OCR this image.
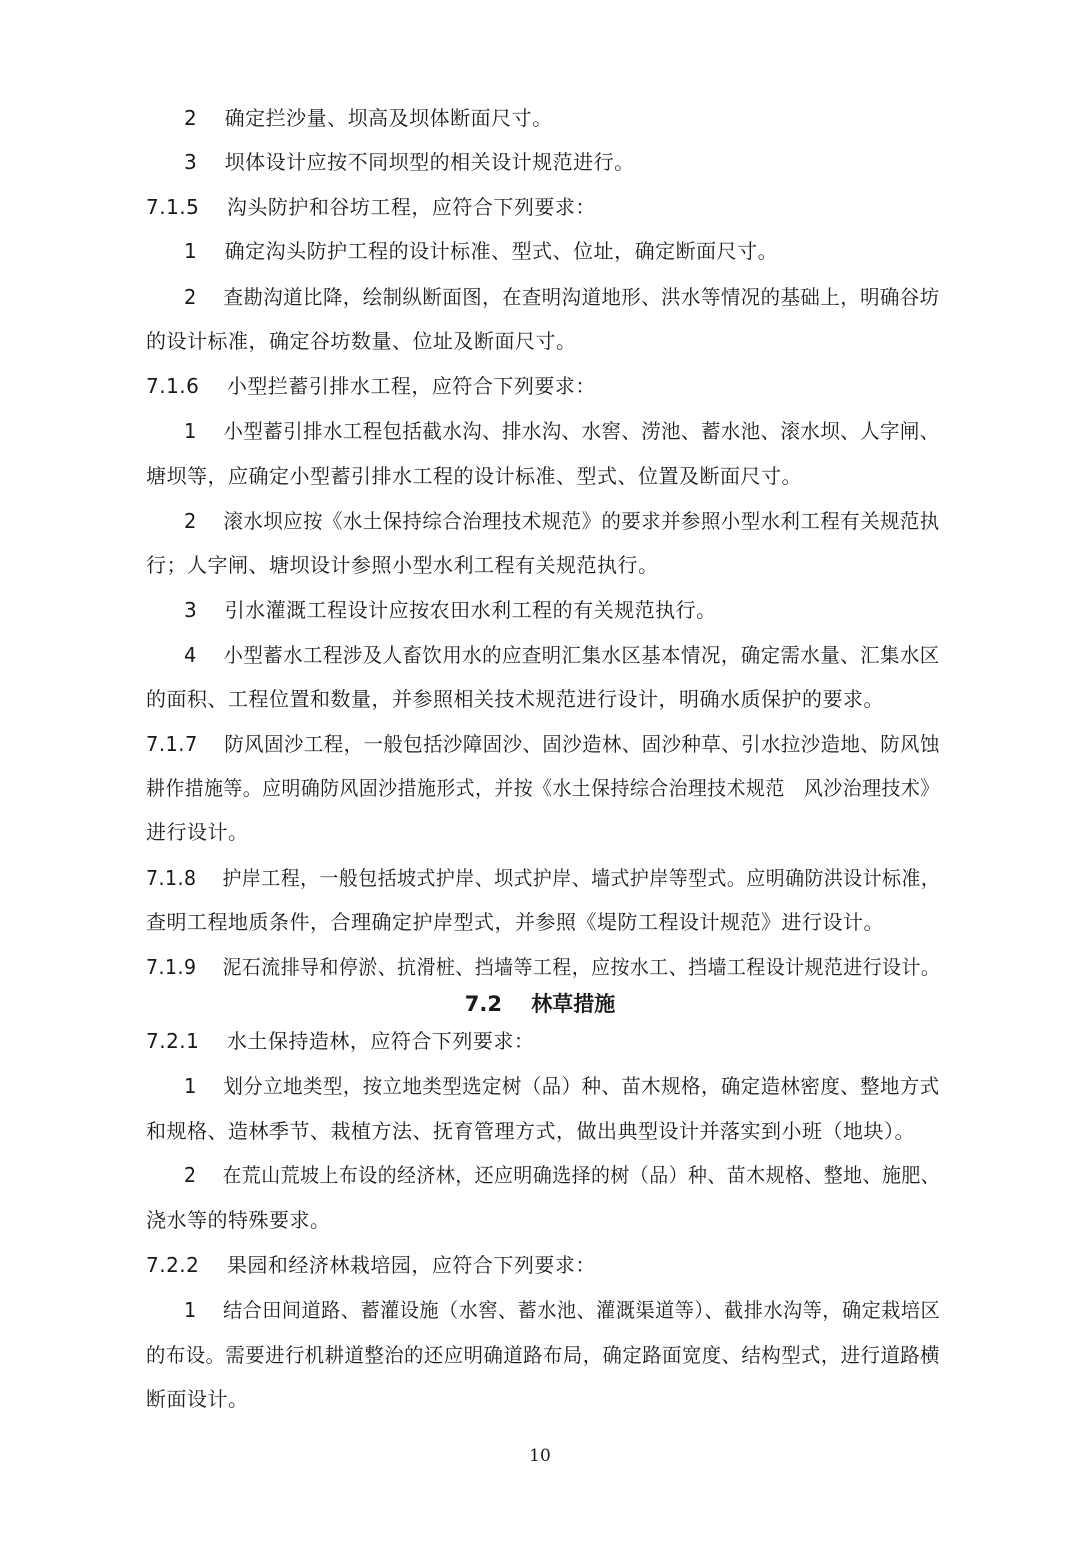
2 确定拦沙量、坝高及坝体断面尺寸。
3 坝体设计应按不同坝型的相关设计规范进行。
7.1.5 沟头防护和谷坊工程，应符合下列要求：
1 确定沟头防护工程的设计标准、型式、位址，确定断面尺寸。
2 查勘沟道比降，绘制纵断面图，在查明沟道地形、洪水等情况的基础上，明确谷坊
的设计标准，确定谷坊数量、位址及断面尺寸。
7.1.6 小型拦蓄引排水工程，应符合下列要求：
1 小型蓄引排水工程包括截水沟、排水沟、水窖、涝池、蓄水池、滚水坝、人字闸、
塘坝等，应确定小型蓄引排水工程的设计标准、型式、位置及断面尺寸。
2 滚水坝应按《水土保持综合治理技术规范》的要求并参照小型水利工程有关规范执
行；人字闸、塘坝设计参照小型水利工程有关规范执行。
3 引水灌溉工程设计应按农田水利工程的有关规范执行。
4 小型蓄水工程涉及人畜饮用水的应查明汇集水区基本情况，确定需水量、汇集水区
的面积、工程位置和数量，并参照相关技术规范进行设计，明确水质保护的要求。
7.1.7 防风固沙工程，一般包括沙障固沙、固沙造林、固沙种草、引水拉沙造地、防风蚀
耕作措施等。应明确防风固沙措施形式，并按《水土保持综合治理技术规范　风沙治理技术》
进行设计。
7.1.8 护岸工程，一般包括坡式护岸、坝式护岸、墙式护岸等型式。应明确防洪设计标准，
查明工程地质条件，合理确定护岸型式，并参照《堤防工程设计规范》进行设计。
7.1.9 泥石流排导和停淤、抗滑桩、挡墙等工程，应按水工、挡墙工程设计规范进行设计。
7.2 林草措施
7.2.1 水土保持造林，应符合下列要求：
1 划分立地类型，按立地类型选定树（品）种、苗木规格，确定造林密度、整地方式
和规格、造林季节、栽植方法、抚育管理方式，做出典型设计并落实到小班（地块）。
2 在荒山荒坡上布设的经济林，还应明确选择的树（品）种、苗木规格、整地、施肥、
浇水等的特殊要求。
7.2.2 果园和经济林栽培园，应符合下列要求：
1 结合田间道路、蓄灌设施（水窖、蓄水池、灌溉渠道等）、截排水沟等，确定栽培区
的布设。需要进行机耕道整治的还应明确道路布局，确定路面宽度、结构型式，进行道路横
断面设计。
10
